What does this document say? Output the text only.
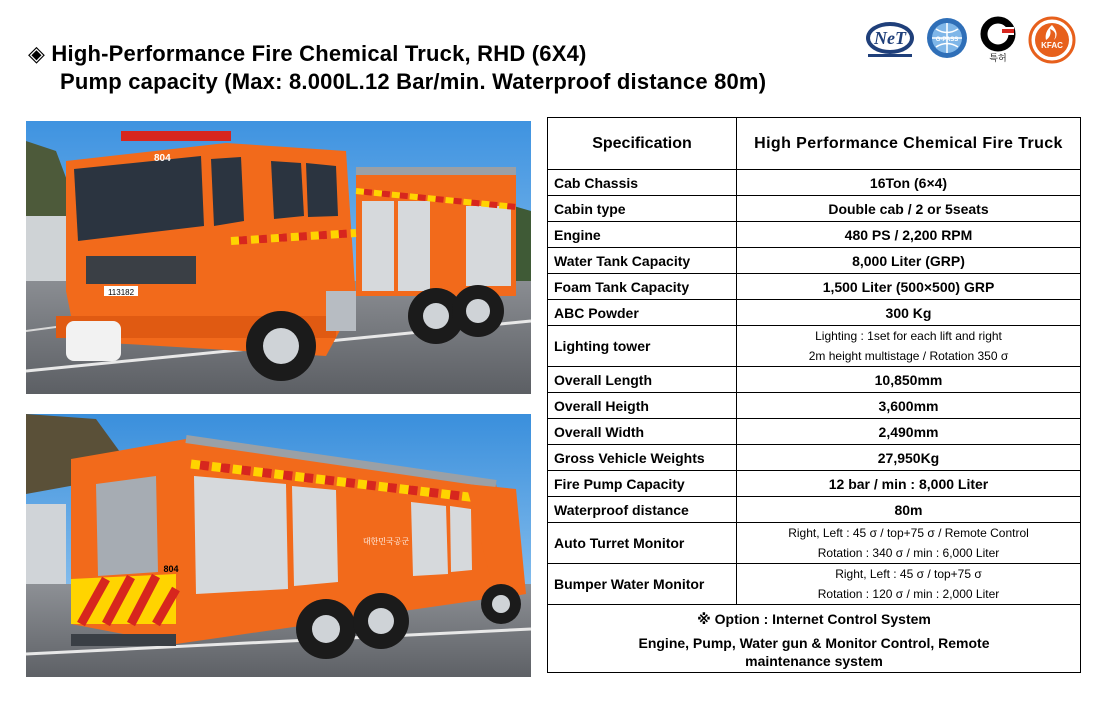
◈ High-Performance Fire Chemical Truck, RHD (6X4)
Pump capacity (Max: 8.000L.12 Bar/min. Waterproof distance 80m)
NeT	G-PASS
특허
KFAC
113182
804
대한민국공군
804
Specification	High Performance Chemical Fire Truck
Cab Chassis	16Ton (6×4)
Cabin type	Double cab / 2 or 5seats
Engine	480 PS / 2,200 RPM
Water Tank Capacity	8,000 Liter (GRP)
Foam Tank Capacity	1,500 Liter (500×500) GRP
ABC Powder	300 Kg
Lighting tower	Lighting : 1set for each lift and right
2m height multistage / Rotation 350 σ

Overall Length	10,850mm
Overall Heigth	3,600mm
Overall Width	2,490mm
Gross Vehicle Weights	27,950Kg
Fire Pump Capacity	12 bar / min : 8,000 Liter
Waterproof distance	80m
Auto Turret Monitor	Right, Left : 45 σ / top+75 σ / Remote Control
Rotation : 340 σ / min : 6,000 Liter

Bumper Water Monitor	Right, Left : 45 σ / top+75 σ
Rotation : 120 σ / min : 2,000 Liter

※ Option : Internet Control System
Engine, Pump, Water gun & Monitor Control, Remote
maintenance system	
